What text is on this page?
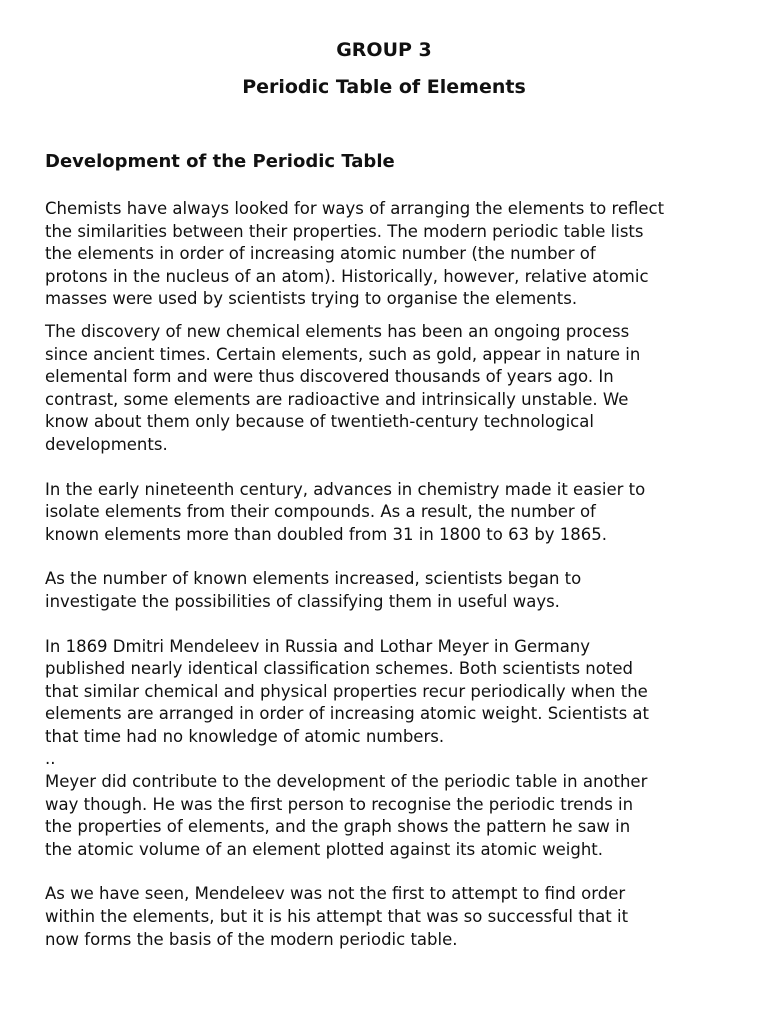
GROUP 3
Periodic Table of Elements
Development of the Periodic Table

Chemists have always looked for ways of arranging the elements to reflect
the similarities between their properties. The modern periodic table lists
the elements in order of increasing atomic number (the number of
protons in the nucleus of an atom). Historically, however, relative atomic
masses were used by scientists trying to organise the elements.

The discovery of new chemical elements has been an ongoing process
since ancient times. Certain elements, such as gold, appear in nature in
elemental form and were thus discovered thousands of years ago. In
contrast, some elements are radioactive and intrinsically unstable. We
know about them only because of twentieth-century technological
developments.

In the early nineteenth century, advances in chemistry made it easier to
isolate elements from their compounds. As a result, the number of
known elements more than doubled from 31 in 1800 to 63 by 1865.

As the number of known elements increased, scientists began to
investigate the possibilities of classifying them in useful ways.

In 1869 Dmitri Mendeleev in Russia and Lothar Meyer in Germany
published nearly identical classification schemes. Both scientists noted
that similar chemical and physical properties recur periodically when the
elements are arranged in order of increasing atomic weight. Scientists at
that time had no knowledge of atomic numbers.
..
Meyer did contribute to the development of the periodic table in another
way though. He was the first person to recognise the periodic trends in
the properties of elements, and the graph shows the pattern he saw in
the atomic volume of an element plotted against its atomic weight.

As we have seen, Mendeleev was not the first to attempt to find order
within the elements, but it is his attempt that was so successful that it
now forms the basis of the modern periodic table.
